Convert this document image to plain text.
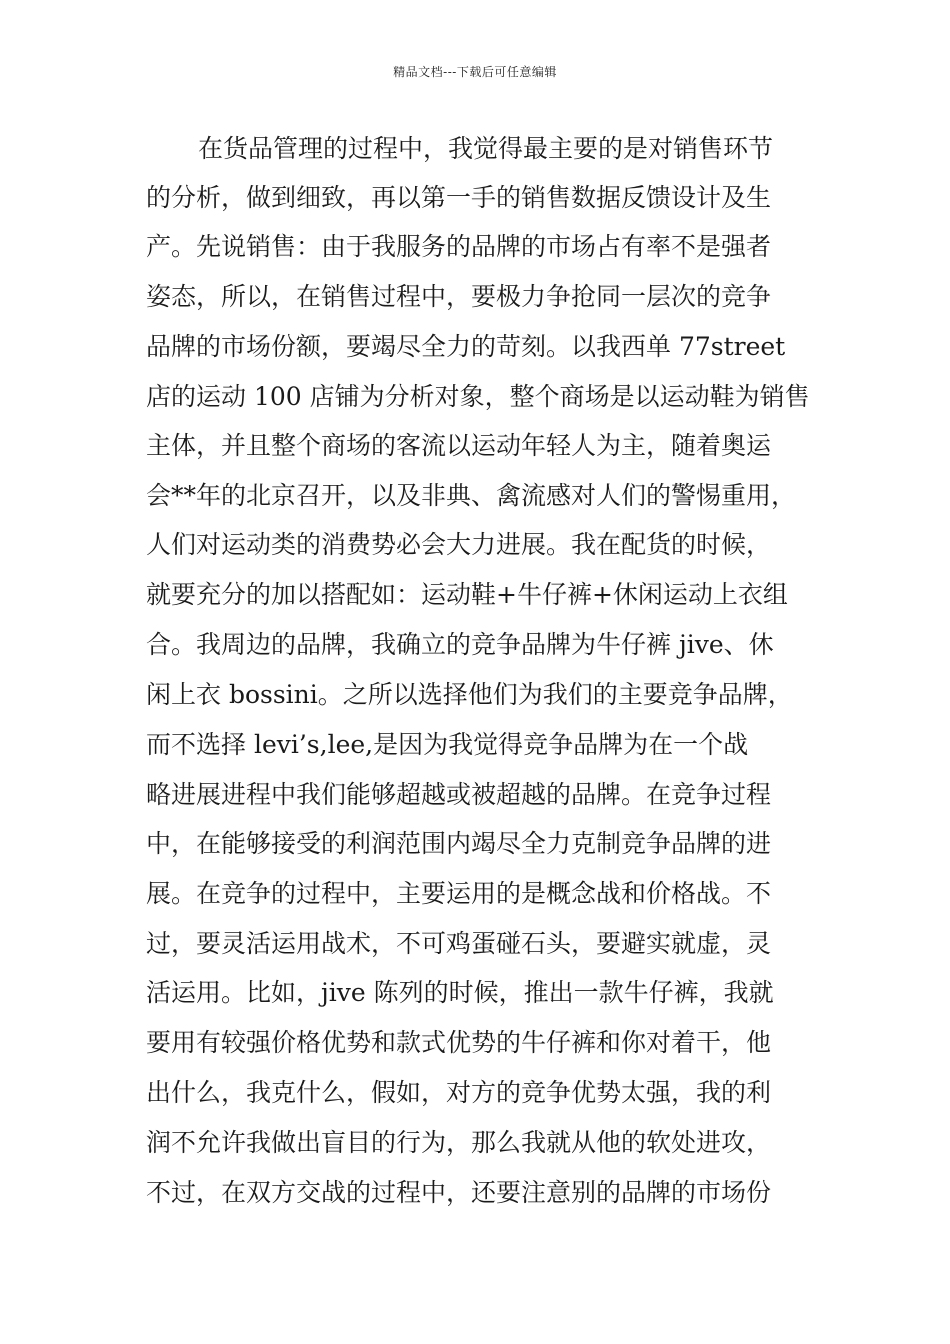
精品文档---下载后可任意编辑
在货品管理的过程中，我觉得最主要的是对销售环节
的分析，做到细致，再以第一手的销售数据反馈设计及生
产。先说销售：由于我服务的品牌的市场占有率不是强者
姿态，所以，在销售过程中，要极力争抢同一层次的竞争
品牌的市场份额，要竭尽全力的苛刻。以我西单 77street
店的运动 100 店铺为分析对象，整个商场是以运动鞋为销售
主体，并且整个商场的客流以运动年轻人为主，随着奥运
会**年的北京召开，以及非典、禽流感对人们的警惕重用，
人们对运动类的消费势必会大力进展。我在配货的时候，
就要充分的加以搭配如：运动鞋+牛仔裤+休闲运动上衣组
合。我周边的品牌，我确立的竞争品牌为牛仔裤 jive、休
闲上衣 bossini。之所以选择他们为我们的主要竞争品牌，
而不选择 levi’s,lee,是因为我觉得竞争品牌为在一个战
略进展进程中我们能够超越或被超越的品牌。在竞争过程
中，在能够接受的利润范围内竭尽全力克制竞争品牌的进
展。在竞争的过程中，主要运用的是概念战和价格战。不
过，要灵活运用战术，不可鸡蛋碰石头，要避实就虚，灵
活运用。比如，jive 陈列的时候，推出一款牛仔裤，我就
要用有较强价格优势和款式优势的牛仔裤和你对着干，他
出什么，我克什么，假如，对方的竞争优势太强，我的利
润不允许我做出盲目的行为，那么我就从他的软处进攻，
不过，在双方交战的过程中，还要注意别的品牌的市场份
